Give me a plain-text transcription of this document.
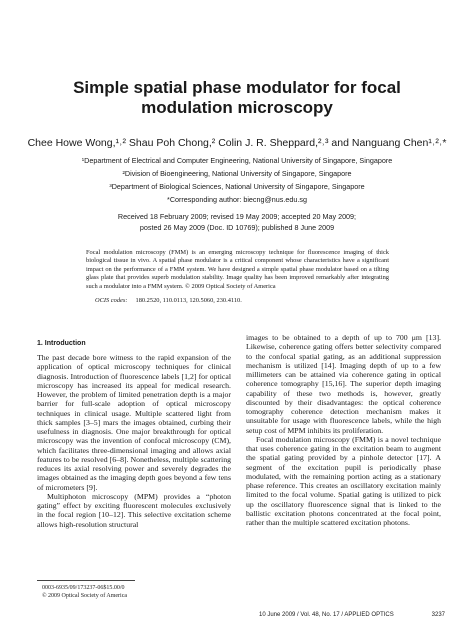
Simple spatial phase modulator for focal modulation microscopy
Chee Howe Wong,¹˒² Shau Poh Chong,² Colin J. R. Sheppard,²˒³ and Nanguang Chen¹˒²˒*
¹Department of Electrical and Computer Engineering, National University of Singapore, Singapore
²Division of Bioengineering, National University of Singapore, Singapore
³Department of Biological Sciences, National University of Singapore, Singapore
*Corresponding author: biecng@nus.edu.sg
Received 18 February 2009; revised 19 May 2009; accepted 20 May 2009;
posted 26 May 2009 (Doc. ID 10769); published 8 June 2009
Focal modulation microscopy (FMM) is an emerging microscopy technique for fluorescence imaging of thick biological tissue in vivo. A spatial phase modulator is a critical component whose characteristics have a significant impact on the performance of a FMM system. We have designed a simple spatial phase modulator based on a tilting glass plate that provides superb modulation stability. Image quality has been improved remarkably after integrating such a modulator into a FMM system. © 2009 Optical Society of America
OCIS codes: 180.2520, 110.0113, 120.5060, 230.4110.
1. Introduction
The past decade bore witness to the rapid expansion of the application of optical microscopy techniques for clinical diagnosis. Introduction of fluorescence labels [1,2] for optical microscopy has increased its appeal for medical research. However, the problem of limited penetration depth is a major barrier for full-scale adoption of optical microscopy techniques in clinical usage. Multiple scattered light from thick samples [3–5] mars the images obtained, curbing their usefulness in diagnosis. One major breakthrough for optical microscopy was the invention of confocal microscopy (CM), which facilitates three-dimensional imaging and allows axial features to be resolved [6–8]. Nonetheless, multiple scattering reduces its axial resolving power and severely degrades the images obtained as the imaging depth goes beyond a few tens of micrometers [9].
Multiphoton microscopy (MPM) provides a “photon gating” effect by exciting fluorescent molecules exclusively in the focal region [10–12]. This selective excitation scheme allows high-resolution structural
images to be obtained to a depth of up to 700 μm [13]. Likewise, coherence gating offers better selectivity compared to the confocal spatial gating, as an additional suppression mechanism is utilized [14]. Imaging depth of up to a few millimeters can be attained via coherence gating in optical coherence tomography [15,16]. The superior depth imaging capability of these two methods is, however, greatly discounted by their disadvantages: the optical coherence tomography coherence detection mechanism makes it unsuitable for usage with fluorescence labels, while the high setup cost of MPM inhibits its proliferation.
Focal modulation microscopy (FMM) is a novel technique that uses coherence gating in the excitation beam to augment the spatial gating provided by a pinhole detector [17]. A segment of the excitation pupil is periodically phase modulated, with the remaining portion acting as a stationary phase reference. This creates an oscillatory excitation mainly limited to the focal volume. Spatial gating is utilized to pick up the oscillatory fluorescence signal that is linked to the ballistic excitation photons concentrated at the focal point, rather than the multiple scattered excitation photons.
0003-6935/09/173237-06$15.00/0
© 2009 Optical Society of America
10 June 2009 / Vol. 48, No. 17 / APPLIED OPTICS	3237
